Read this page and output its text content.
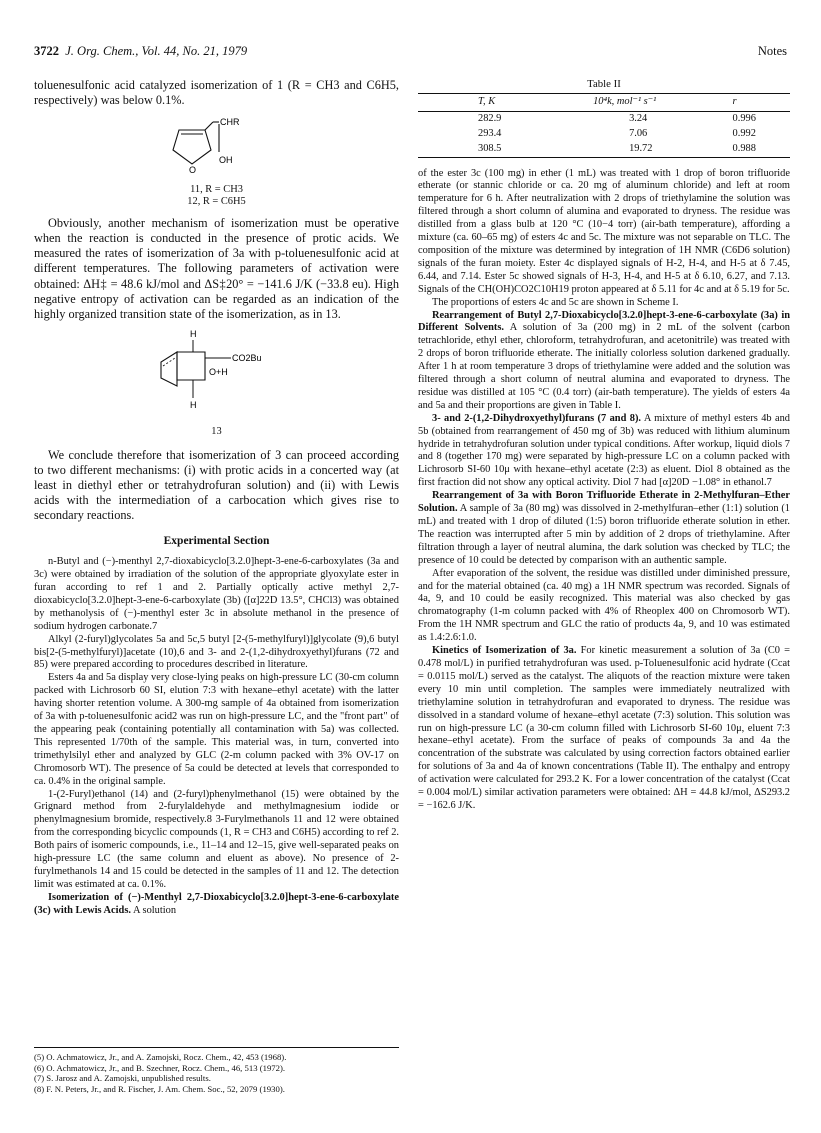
3722 J. Org. Chem., Vol. 44, No. 21, 1979	Notes

toluenesulfonic acid catalyzed isomerization of 1 (R = CH3 and C6H5, respectively) was below 0.1%.

CHR
OH
O
11, R = CH3
12, R = C6H5

Obviously, another mechanism of isomerization must be operative when the reaction is conducted in the presence of protic acids. We measured the rates of isomerization of 3a with p-toluenesulfonic acid at different temperatures. The following parameters of activation were obtained: ΔH‡ = 48.6 kJ/mol and ΔS‡20° = −141.6 J/K (−33.8 eu). High negative entropy of activation can be regarded as an indication of the highly organized transition state of the isomerization, as in 13.

H
CO2Bu
O+H
H
13

We conclude therefore that isomerization of 3 can proceed according to two different mechanisms: (i) with protic acids in a concerted way (at least in diethyl ether or tetrahydrofuran solution) and (ii) with Lewis acids with the intermediation of a carbocation which gives rise to secondary reactions.

Experimental Section

n-Butyl and (−)-menthyl 2,7-dioxabicyclo[3.2.0]hept-3-ene-6-carboxylates (3a and 3c) were obtained by irradiation of the solution of the appropriate glyoxylate ester in furan according to ref 1 and 2. Partially optically active methyl 2,7-dioxabicyclo[3.2.0]hept-3-ene-6-carboxylate (3b) ([α]22D 13.5°, CHCl3) was obtained by methanolysis of (−)-menthyl ester 3c in absolute methanol in the presence of sodium hydrogen carbonate.7

Alkyl (2-furyl)glycolates 5a and 5c,5 butyl [2-(5-methylfuryl)]glycolate (9),6 butyl bis[2-(5-methylfuryl)]acetate (10),6 and 3- and 2-(1,2-dihydroxyethyl)furans (72 and 85) were prepared according to procedures described in literature.

Esters 4a and 5a display very close-lying peaks on high-pressure LC (30-cm column packed with Lichrosorb 60 SI, elution 7:3 with hexane–ethyl acetate) with the latter having shorter retention volume. A 300-mg sample of 4a obtained from isomerization of 3a with p-toluenesulfonic acid2 was run on high-pressure LC, and the "front part" of the appearing peak (containing potentially all contamination with 5a) was collected. This represented 1/70th of the sample. This material was, in turn, converted into trimethylsilyl ether and analyzed by GLC (2-m column packed with 3% OV-17 on Chromosorb WT). The presence of 5a could be detected at levels that corresponded to ca. 0.4% in the original sample.

1-(2-Furyl)ethanol (14) and (2-furyl)phenylmethanol (15) were obtained by the Grignard method from 2-furylaldehyde and methylmagnesium iodide or phenylmagnesium bromide, respectively.8 3-Furylmethanols 11 and 12 were obtained from the corresponding bicyclic compounds (1, R = CH3 and C6H5) according to ref 2. Both pairs of isomeric compounds, i.e., 11–14 and 12–15, give well-separated peaks on high-pressure LC (the same column and eluent as above). No presence of 2-furylmethanols 14 and 15 could be detected in the samples of 11 and 12. The detection limit was estimated at ca. 0.1%.

Isomerization of (−)-Menthyl 2,7-Dioxabicyclo[3.2.0]hept-3-ene-6-carboxylate (3c) with Lewis Acids. A solution

(5) O. Achmatowicz, Jr., and A. Zamojski, Rocz. Chem., 42, 453 (1968).
(6) O. Achmatowicz, Jr., and B. Szechner, Rocz. Chem., 46, 513 (1972).
(7) S. Jarosz and A. Zamojski, unpublished results.
(8) F. N. Peters, Jr., and R. Fischer, J. Am. Chem. Soc., 52, 2079 (1930).
Table II
T, K	10⁴k, mol⁻¹ s⁻¹	r
282.9	3.24	0.996
293.4	7.06	0.992
308.5	19.72	0.988

of the ester 3c (100 mg) in ether (1 mL) was treated with 1 drop of boron trifluoride etherate (or stannic chloride or ca. 20 mg of aluminum chloride) and left at room temperature for 6 h. After neutralization with 2 drops of triethylamine the solution was filtered through a short column of alumina and evaporated to dryness. The residue was distilled from a glass bulb at 120 °C (10−4 torr) (air-bath temperature), affording a mixture (ca. 60–65 mg) of esters 4c and 5c. The mixture was not separable on TLC. The composition of the mixture was determined by integration of 1H NMR (C6D6 solution) signals of the furan moiety. Ester 4c displayed signals of H-2, H-4, and H-5 at δ 7.45, 6.44, and 7.14. Ester 5c showed signals of H-3, H-4, and H-5 at δ 6.10, 6.27, and 7.13. Signals of the CH(OH)CO2C10H19 proton appeared at δ 5.11 for 4c and at δ 5.19 for 5c.

The proportions of esters 4c and 5c are shown in Scheme I.

Rearrangement of Butyl 2,7-Dioxabicyclo[3.2.0]hept-3-ene-6-carboxylate (3a) in Different Solvents. A solution of 3a (200 mg) in 2 mL of the solvent (carbon tetrachloride, ethyl ether, chloroform, tetrahydrofuran, and acetonitrile) was treated with 2 drops of boron trifluoride etherate. The initially colorless solution darkened gradually. After 1 h at room temperature 3 drops of triethylamine were added and the solution was filtered through a short column of neutral alumina and evaporated to dryness. The residue was distilled at 105 °C (0.4 torr) (air-bath temperature). The yields of esters 4a and 5a and their proportions are given in Table I.

3- and 2-(1,2-Dihydroxyethyl)furans (7 and 8). A mixture of methyl esters 4b and 5b (obtained from rearrangement of 450 mg of 3b) was reduced with lithium aluminum hydride in tetrahydrofuran solution under typical conditions. After workup, liquid diols 7 and 8 (together 170 mg) were separated by high-pressure LC on a column packed with Lichrosorb SI-60 10μ with hexane–ethyl acetate (2:3) as eluent. Diol 8 obtained as the first fraction did not show any optical activity. Diol 7 had [α]20D −1.08° in ethanol.7

Rearrangement of 3a with Boron Trifluoride Etherate in 2-Methylfuran–Ether Solution. A sample of 3a (80 mg) was dissolved in 2-methylfuran–ether (1:1) solution (1 mL) and treated with 1 drop of diluted (1:5) boron trifluoride etherate solution in ether. The reaction was interrupted after 5 min by addition of 2 drops of triethylamine. After filtration through a layer of neutral alumina, the dark solution was checked by TLC; the presence of 10 could be detected by comparison with an authentic sample.

After evaporation of the solvent, the residue was distilled under diminished pressure, and for the material obtained (ca. 40 mg) a 1H NMR spectrum was recorded. Signals of 4a, 9, and 10 could be easily recognized. This material was also checked by gas chromatography (1-m column packed with 4% of Rheoplex 400 on Chromosorb WT). From the 1H NMR spectrum and GLC the ratio of products 4a, 9, and 10 was estimated as 1.4:2.6:1.0.

Kinetics of Isomerization of 3a. For kinetic measurement a solution of 3a (C0 = 0.478 mol/L) in purified tetrahydrofuran was used. p-Toluenesulfonic acid hydrate (Ccat = 0.0115 mol/L) served as the catalyst. The aliquots of the reaction mixture were taken every 10 min until completion. The samples were immediately neutralized with triethylamine solution in tetrahydrofuran and evaporated to dryness. The residue was dissolved in a standard volume of hexane–ethyl acetate (7:3) solution. This solution was run on high-pressure LC (a 30-cm column filled with Lichrosorb SI-60 10μ, eluent 7:3 hexane–ethyl acetate). From the surface of peaks of compounds 3a and 4a the concentration of the substrate was calculated by using correction factors obtained earlier for solutions of 3a and 4a of known concentrations (Table II). The enthalpy and entropy of activation were calculated for 293.2 K. For a lower concentration of the catalyst (Ccat = 0.004 mol/L) similar activation parameters were obtained: ΔH = 44.8 kJ/mol, ΔS293.2 = −162.6 J/K.
